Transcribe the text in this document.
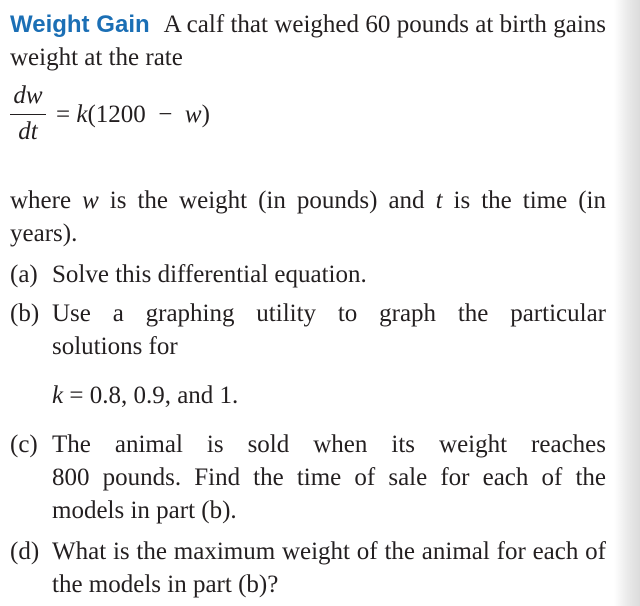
Weight Gain A calf that weighed 60 pounds at birth gains weight at the rate
dw
dt
= k(1200 − w)
where w is the weight (in pounds) and t is the time (in years).
(a) Solve this differential equation.
(b) Use a graphing utility to graph the particular
solutions for
k = 0.8, 0.9, and 1.
(c) The animal is sold when its weight reaches
800 pounds. Find the time of sale for each of the models in part (b).
(d) What is the maximum weight of the animal for each of the models in part (b)?
